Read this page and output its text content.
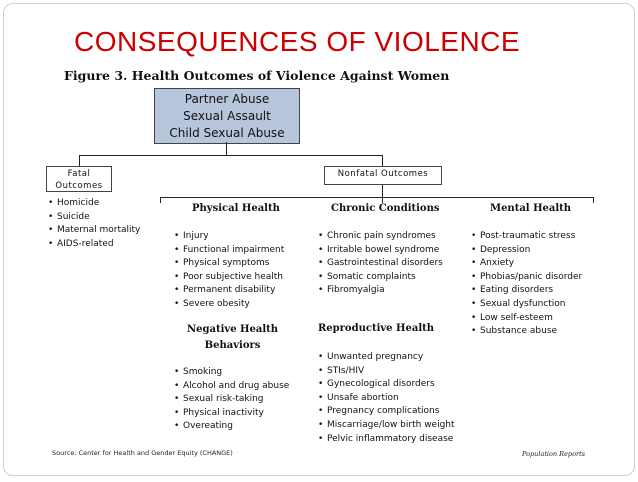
CONSEQUENCES OF VIOLENCE
Figure 3. Health Outcomes of Violence Against Women
Partner Abuse
Sexual Assault
Child Sexual Abuse
Fatal
Outcomes
Nonfatal Outcomes
• Homicide
• Suicide
• Maternal mortality
• AIDS-related
Physical Health	Chronic Conditions	Mental Health
• Injury
• Functional impairment
• Physical symptoms
• Poor subjective health
• Permanent disability
• Severe obesity
• Chronic pain syndromes
• Irritable bowel syndrome
• Gastrointestinal disorders
• Somatic complaints
• Fibromyalgia
• Post-traumatic stress
• Depression
• Anxiety
• Phobias/panic disorder
• Eating disorders
• Sexual dysfunction
• Low self-esteem
• Substance abuse
Negative Health
Behaviors
Reproductive Health
• Smoking
• Alcohol and drug abuse
• Sexual risk-taking
• Physical inactivity
• Overeating
• Unwanted pregnancy
• STIs/HIV
• Gynecological disorders
• Unsafe abortion
• Pregnancy complications
• Miscarriage/low birth weight
• Pelvic inflammatory disease
Source: Center for Health and Gender Equity (CHANGE)	Population Reports
